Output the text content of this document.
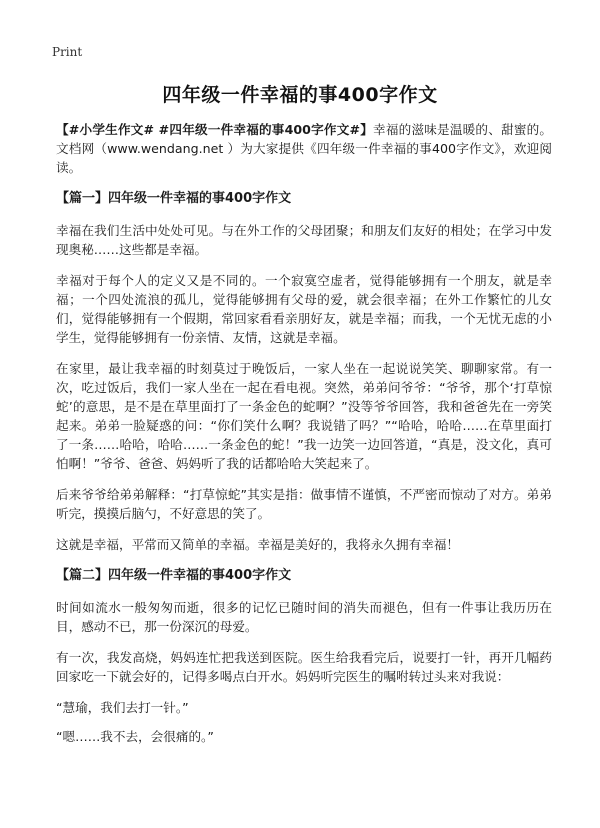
Print
四年级一件幸福的事400字作文

【#小学生作文# #四年级一件幸福的事400字作文#】幸福的滋味是温暖的、甜蜜的。文档网（www.wendang.net ）为大家提供《四年级一件幸福的事400字作文》，欢迎阅读。

【篇一】四年级一件幸福的事400字作文

幸福在我们生活中处处可见。与在外工作的父母团聚；和朋友们友好的相处；在学习中发现奥秘……这些都是幸福。

幸福对于每个人的定义又是不同的。一个寂寞空虚者，觉得能够拥有一个朋友，就是幸福；一个四处流浪的孤儿，觉得能够拥有父母的爱，就会很幸福；在外工作繁忙的儿女们，觉得能够拥有一个假期，常回家看看亲朋好友，就是幸福；而我，一个无忧无虑的小学生，觉得能够拥有一份亲情、友情，这就是幸福。

在家里，最让我幸福的时刻莫过于晚饭后，一家人坐在一起说说笑笑、聊聊家常。有一次，吃过饭后，我们一家人坐在一起在看电视。突然，弟弟问爷爷：“爷爷，那个‘打草惊蛇’的意思，是不是在草里面打了一条金色的蛇啊？”没等爷爷回答，我和爸爸先在一旁笑起来。弟弟一脸疑惑的问：“你们笑什么啊？我说错了吗？”“哈哈，哈哈……在草里面打了一条……哈哈，哈哈……一条金色的蛇！”我一边笑一边回答道，“真是，没文化，真可怕啊！”爷爷、爸爸、妈妈听了我的话都哈哈大笑起来了。

后来爷爷给弟弟解释：“打草惊蛇”其实是指：做事情不谨慎，不严密而惊动了对方。弟弟听完，摸摸后脑勺，不好意思的笑了。

这就是幸福，平常而又简单的幸福。幸福是美好的，我将永久拥有幸福！

【篇二】四年级一件幸福的事400字作文

时间如流水一般匆匆而逝，很多的记忆已随时间的消失而褪色，但有一件事让我历历在目，感动不已，那一份深沉的母爱。

有一次，我发高烧，妈妈连忙把我送到医院。医生给我看完后，说要打一针，再开几幅药回家吃一下就会好的，记得多喝点白开水。妈妈听完医生的嘱咐转过头来对我说：

“慧瑜，我们去打一针。”

“嗯……我不去，会很痛的。”
